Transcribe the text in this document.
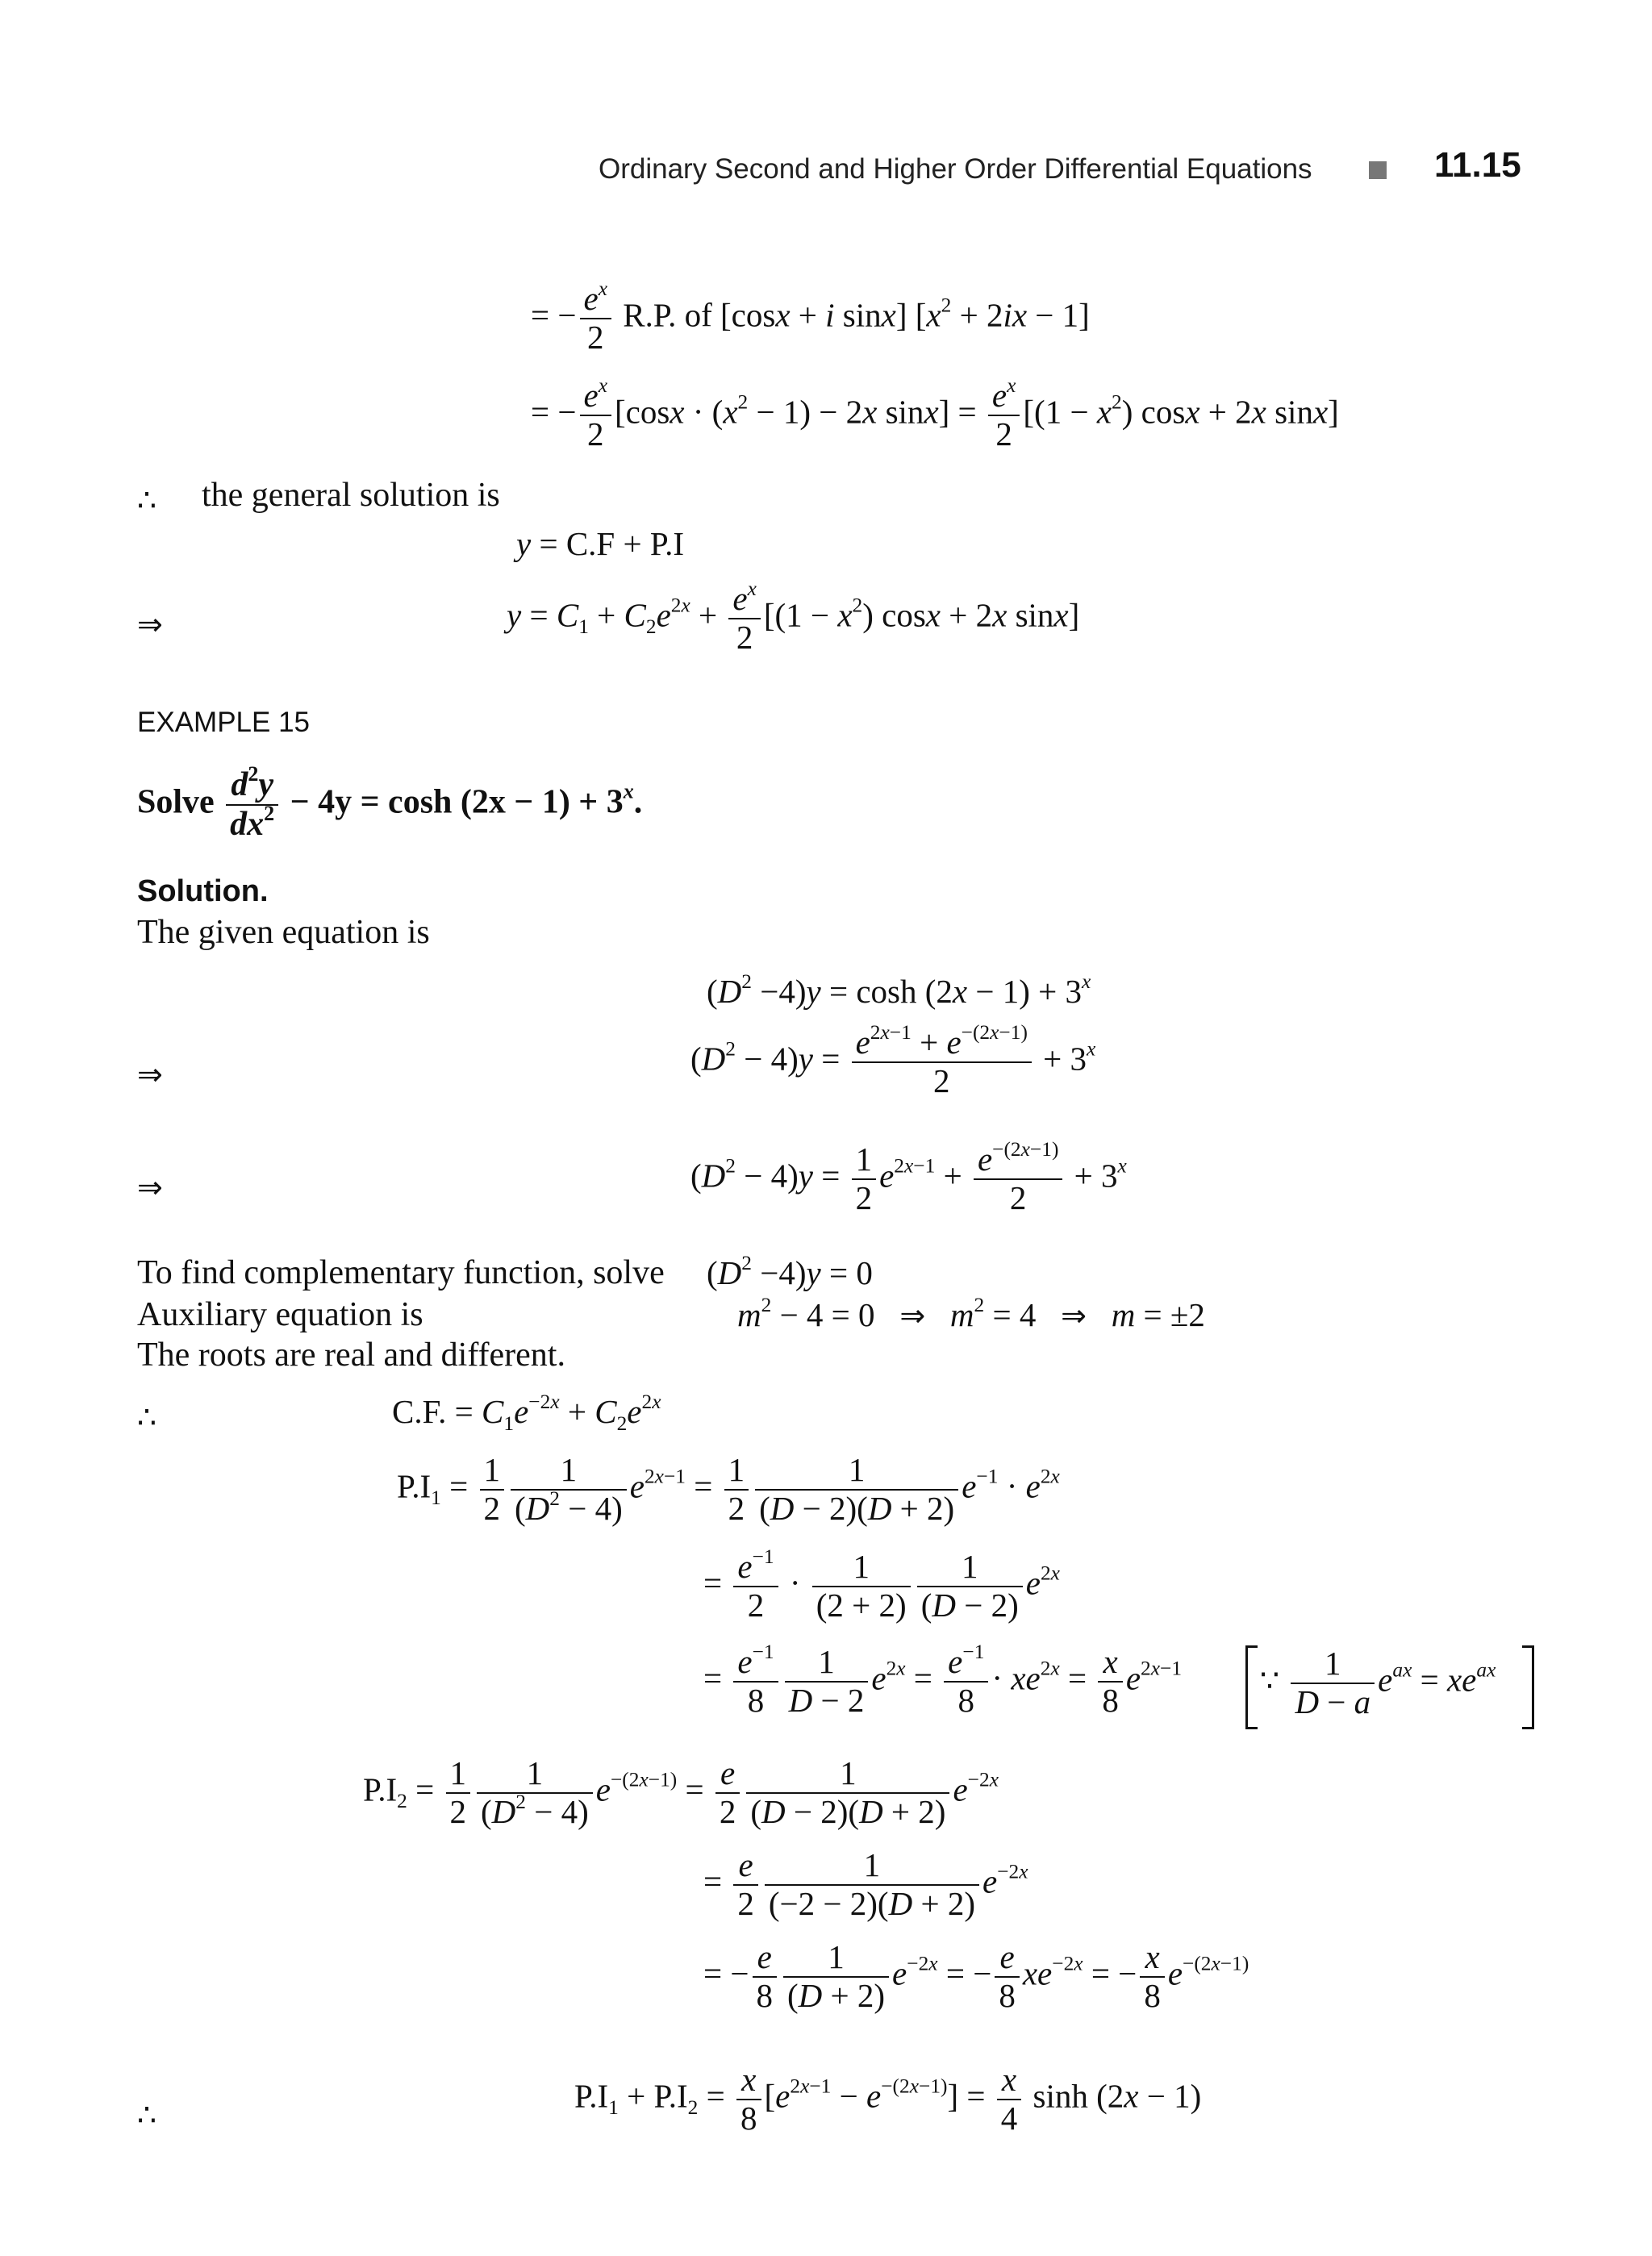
Ordinary Second and Higher Order Differential Equations	11.15
= − $\frac{e^x}{2} R.P$. of [cosx + i sinx] $[x^2 + 2ix - 1]$
= − $\frac{e^x}{2} [\cos x \cdot (x^2 - 1) - 2x$ $\sin x] = \frac{e^x}{2} [(1 - x^2) \cos x + 2x$ sinx]
∴ the general solution is
y = C.F + P.I
⇒	$y = C_1 + C_2e^{2x} + \frac{e^x}{2} [(1 - x^2) \cos x + 2x$ sinx]
EXAMPLE 15
Solve $\frac{d^2y}{dx^2} - 4y = \cosh (2x - 1) + 3^x$.
Solution.
The given equation is
$(D^2 -4)y = \cosh (2x - 1) + 3^x$
⇒	$(D^2 - 4)y = \frac{e^{2x-1} + e^{-(2x-1)}}{2} + 3^x$
⇒	$(D^2 - 4)y = \frac{1}{2} e^{2x-1} + \frac{e^{-(2x-1)}}{2} + 3^x$
To find complementary function, solve $(D^2 -4)y = 0$
Auxiliary equation is	$m^2 - 4 = 0$   ⇒ $m^2 = 4$   ⇒ m = ±2
The roots are real and different.
∴	C.F. = $C_1e^{-2x} + C_2e^{2x}$
$P.I_1 = \frac{1}{2} \frac{1}{(D^2 - 4)} e^{2x-1} = \frac{1}{2} \frac{1}{(D - 2)(D + 2)} e^{-1} \cdot e^{2x}$
= $\frac{e^{-1}}{2} \cdot \frac{1}{(2 + 2)} \frac{1}{(D - 2)} e^{2x}$
= $\frac{e^{-1}}{8} \frac{1}{D - 2} e^{2x} = \frac{e^{-1}}{8} \cdot xe^{2x} = \frac{x}{8} e^{2x-1}$	∵ $\frac{1}{D - a} e^{ax} = xe^{ax}$
$P.I_2 = \frac{1}{2} \frac{1}{(D^2 - 4)} e^{-(2x-1)} = \frac{e}{2} \frac{1}{(D - 2)(D + 2)} e^{-2x}$
= $\frac{e}{2} \frac{1}{(-2 - 2)(D + 2)} e^{-2x}$
= − $\frac{e}{8} \frac{1}{(D + 2)} e^{-2x}$ = − $\frac{e}{8} xe^{-2x}$ = − $\frac{x}{8} e^{-(2x-1)}$
∴
$P.I_1 + P.I_2 = \frac{x}{8} [e^{2x-1} - e^{-(2x-1)}] = \frac{x}{4}$ sinh (2x − 1)
